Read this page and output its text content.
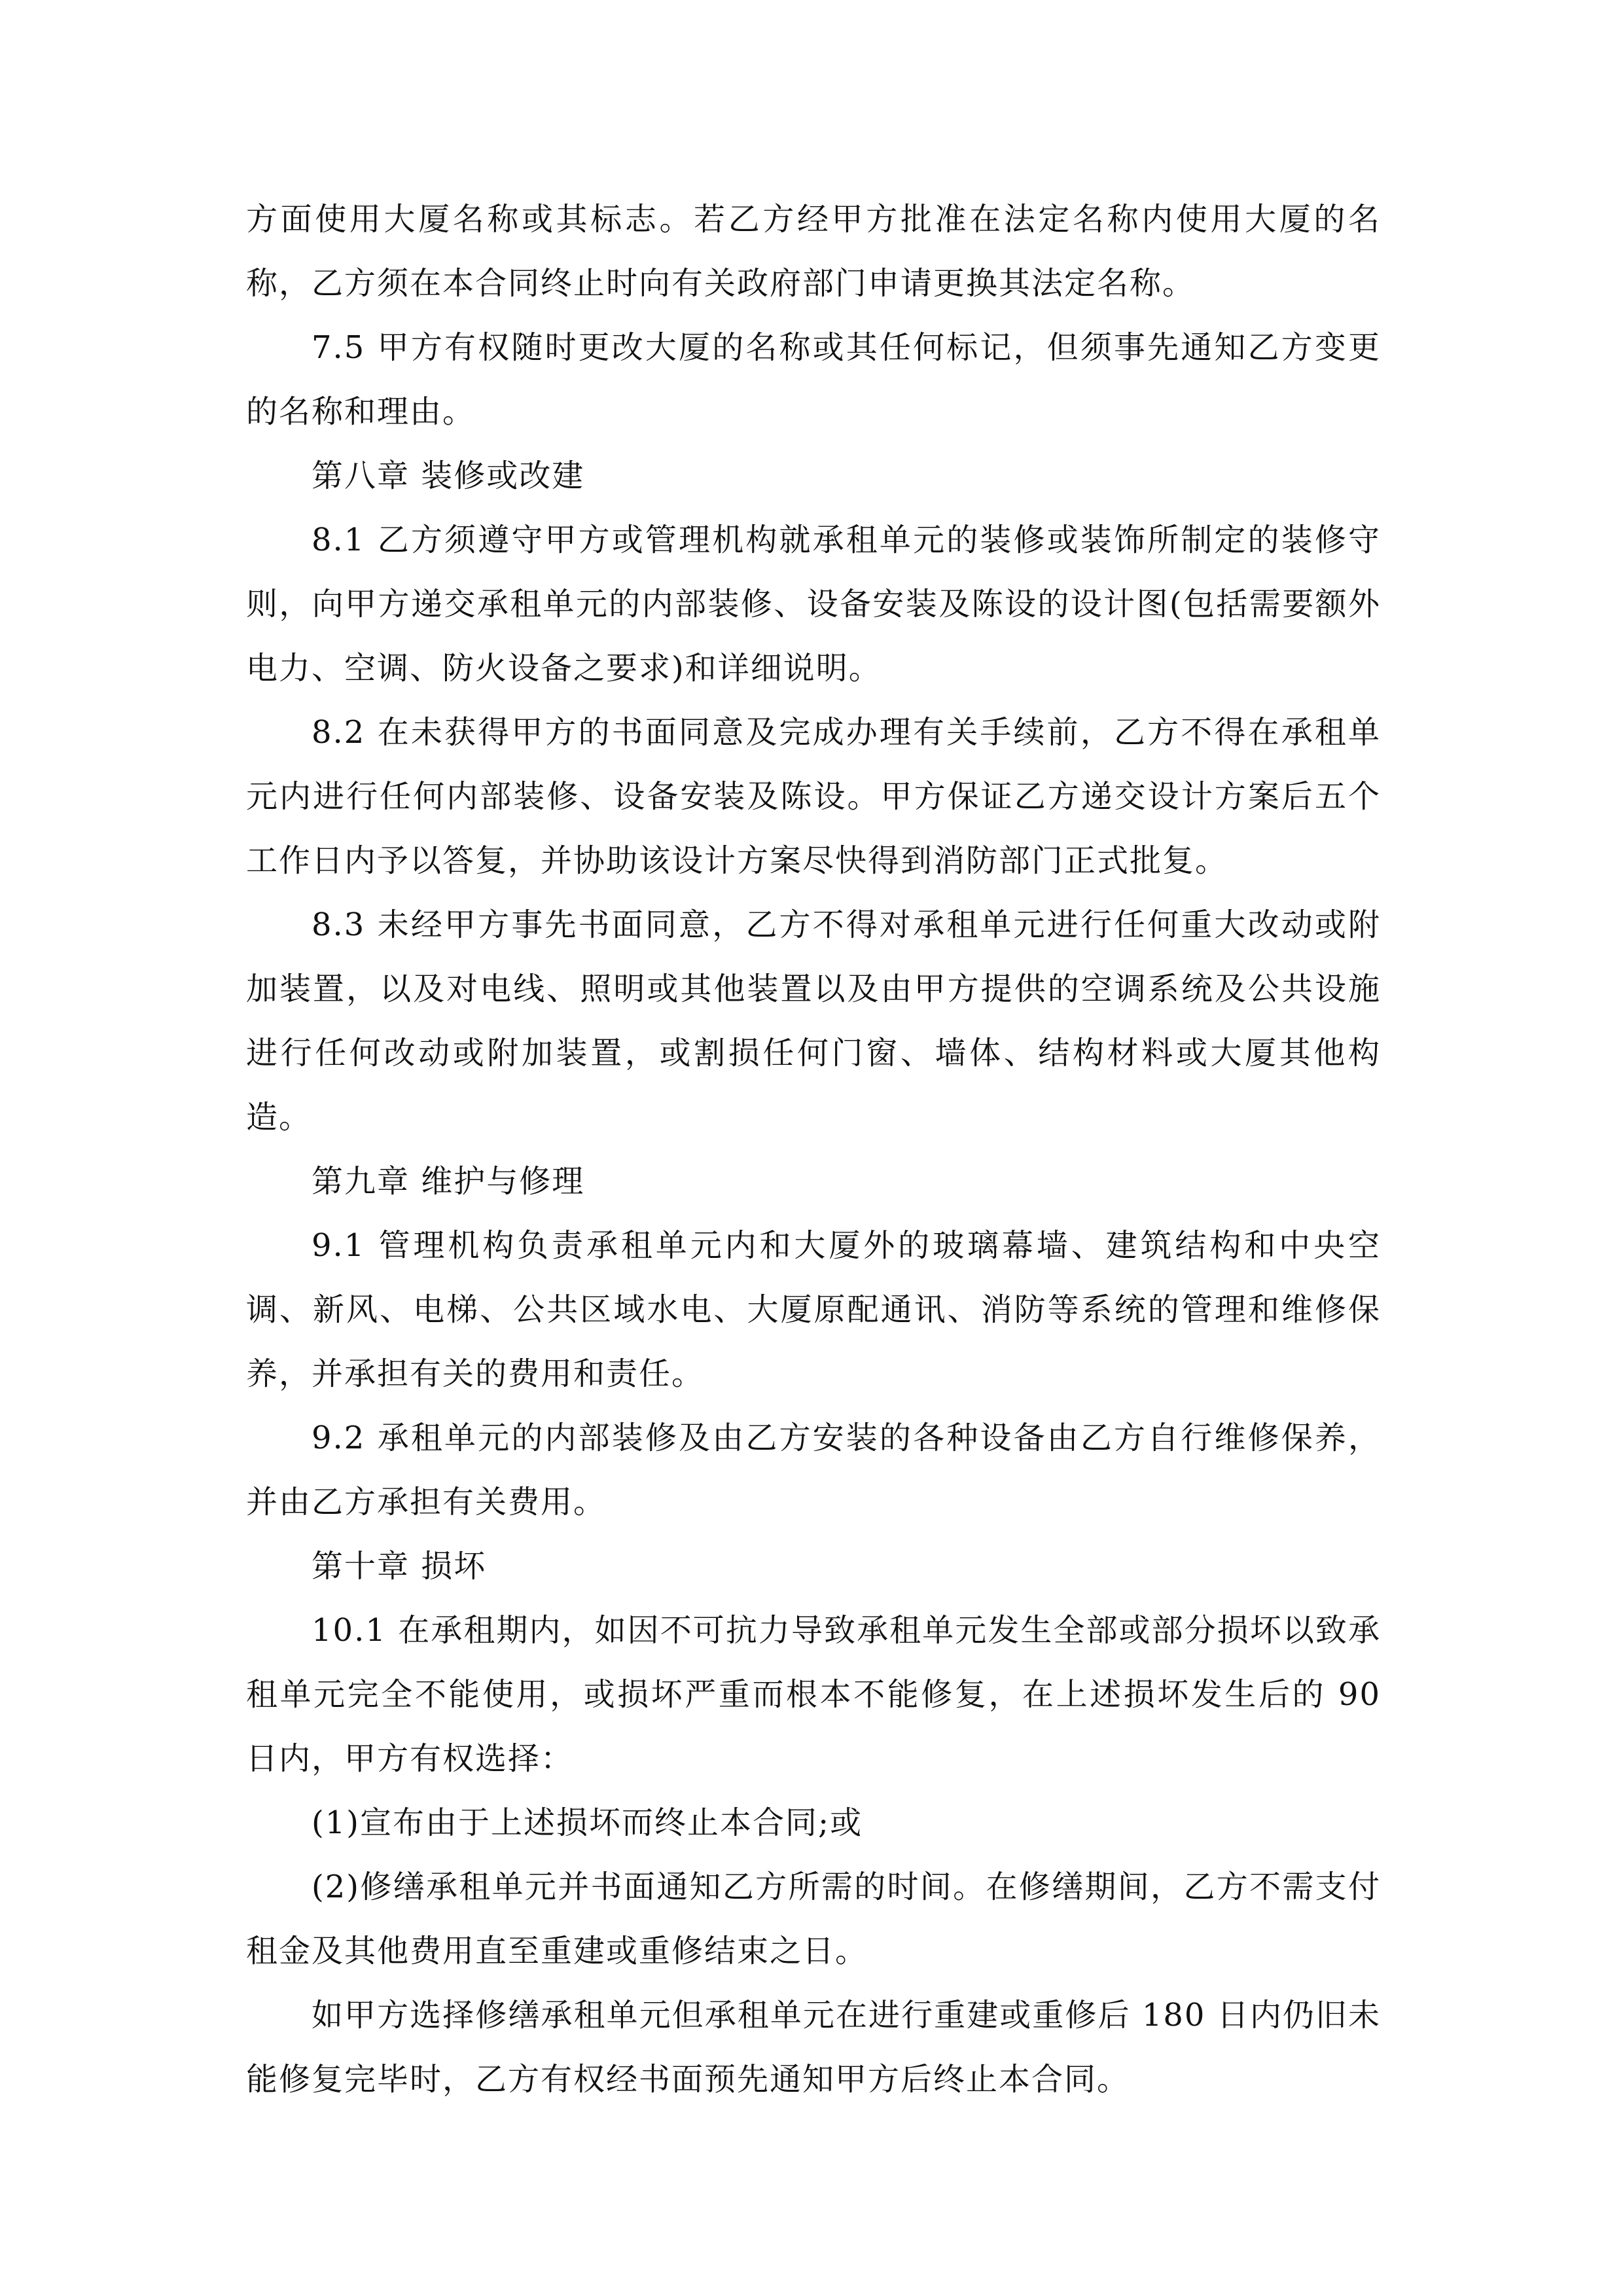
方面使用大厦名称或其标志。若乙方经甲方批准在法定名称内使用大厦的名称，乙方须在本合同终止时向有关政府部门申请更换其法定名称。

7.5 甲方有权随时更改大厦的名称或其任何标记，但须事先通知乙方变更的名称和理由。

第八章 装修或改建

8.1 乙方须遵守甲方或管理机构就承租单元的装修或装饰所制定的装修守则，向甲方递交承租单元的内部装修、设备安装及陈设的设计图(包括需要额外电力、空调、防火设备之要求)和详细说明。

8.2 在未获得甲方的书面同意及完成办理有关手续前，乙方不得在承租单元内进行任何内部装修、设备安装及陈设。甲方保证乙方递交设计方案后五个工作日内予以答复，并协助该设计方案尽快得到消防部门正式批复。

8.3 未经甲方事先书面同意，乙方不得对承租单元进行任何重大改动或附加装置，以及对电线、照明或其他装置以及由甲方提供的空调系统及公共设施进行任何改动或附加装置，或割损任何门窗、墙体、结构材料或大厦其他构造。

第九章 维护与修理

9.1 管理机构负责承租单元内和大厦外的玻璃幕墙、建筑结构和中央空调、新风、电梯、公共区域水电、大厦原配通讯、消防等系统的管理和维修保养，并承担有关的费用和责任。

9.2 承租单元的内部装修及由乙方安装的各种设备由乙方自行维修保养，并由乙方承担有关费用。

第十章 损坏

10.1 在承租期内，如因不可抗力导致承租单元发生全部或部分损坏以致承租单元完全不能使用，或损坏严重而根本不能修复，在上述损坏发生后的 90 日内，甲方有权选择：

(1)宣布由于上述损坏而终止本合同;或

(2)修缮承租单元并书面通知乙方所需的时间。在修缮期间，乙方不需支付租金及其他费用直至重建或重修结束之日。

如甲方选择修缮承租单元但承租单元在进行重建或重修后 180 日内仍旧未能修复完毕时，乙方有权经书面预先通知甲方后终止本合同。
